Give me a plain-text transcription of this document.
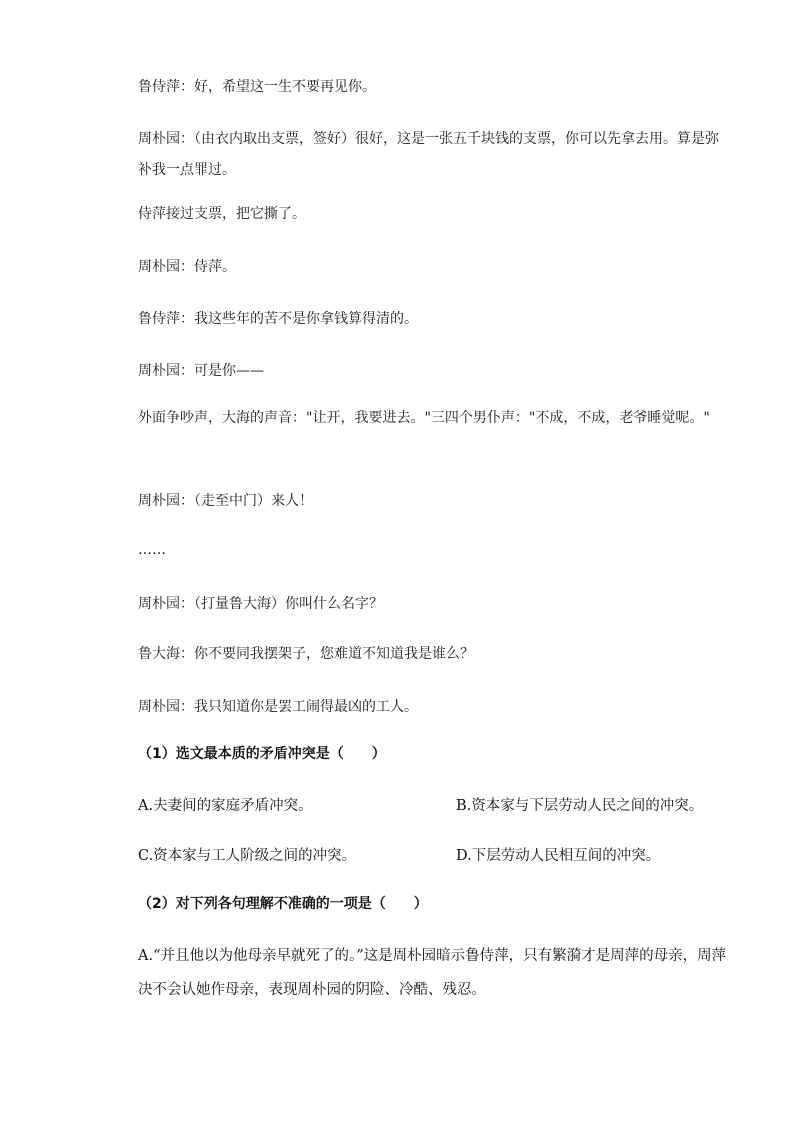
鲁侍萍：好，希望这一生不要再见你。
周朴园：（由衣内取出支票，签好）很好，这是一张五千块钱的支票，你可以先拿去用。算是弥补我一点罪过。
侍萍接过支票，把它撕了。
周朴园：侍萍。
鲁侍萍：我这些年的苦不是你拿钱算得清的。
周朴园：可是你——
外面争吵声，大海的声音："让开，我要进去。"三四个男仆声："不成，不成，老爷睡觉呢。"
周朴园：（走至中门）来人！
……
周朴园：（打量鲁大海）你叫什么名字？
鲁大海：你不要同我摆架子，您难道不知道我是谁么？
周朴园：我只知道你是罢工闹得最凶的工人。
（1）选文最本质的矛盾冲突是（　　）
A.夫妻间的家庭矛盾冲突。	B.资本家与下层劳动人民之间的冲突。
C.资本家与工人阶级之间的冲突。	D.下层劳动人民相互间的冲突。
（2）对下列各句理解不准确的一项是（　　）
A.“并且他以为他母亲早就死了的。”这是周朴园暗示鲁侍萍，只有繁漪才是周萍的母亲，周萍决不会认她作母亲，表现周朴园的阴险、冷酷、残忍。
